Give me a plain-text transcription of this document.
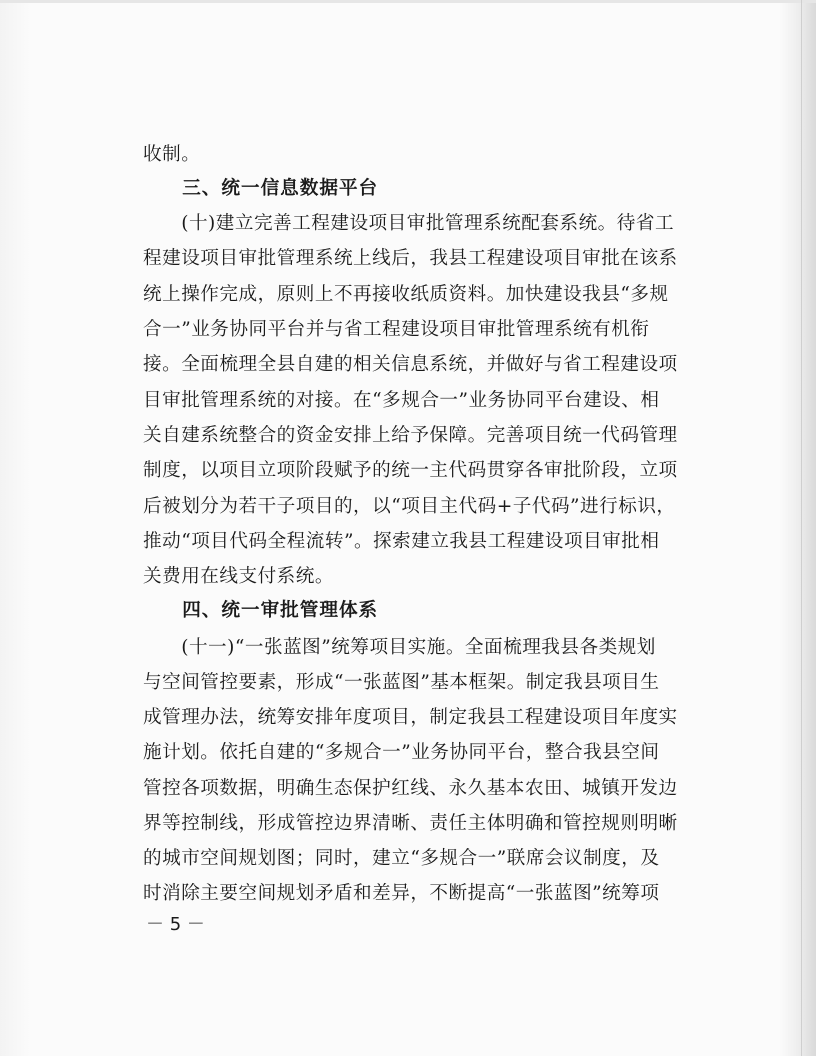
收制。
　　三、统一信息数据平台
　　(十)建立完善工程建设项目审批管理系统配套系统。待省工
程建设项目审批管理系统上线后，我县工程建设项目审批在该系
统上操作完成，原则上不再接收纸质资料。加快建设我县“多规
合一”业务协同平台并与省工程建设项目审批管理系统有机衔
接。全面梳理全县自建的相关信息系统，并做好与省工程建设项
目审批管理系统的对接。在“多规合一”业务协同平台建设、相
关自建系统整合的资金安排上给予保障。完善项目统一代码管理
制度，以项目立项阶段赋予的统一主代码贯穿各审批阶段，立项
后被划分为若干子项目的，以“项目主代码+子代码”进行标识，
推动“项目代码全程流转”。探索建立我县工程建设项目审批相
关费用在线支付系统。
　　四、统一审批管理体系
　　(十一)“一张蓝图”统筹项目实施。全面梳理我县各类规划
与空间管控要素，形成“一张蓝图”基本框架。制定我县项目生
成管理办法，统筹安排年度项目，制定我县工程建设项目年度实
施计划。依托自建的“多规合一”业务协同平台，整合我县空间
管控各项数据，明确生态保护红线、永久基本农田、城镇开发边
界等控制线，形成管控边界清晰、责任主体明确和管控规则明晰
的城市空间规划图；同时，建立“多规合一”联席会议制度，及
时消除主要空间规划矛盾和差异，不断提高“一张蓝图”统筹项
－ 5 －
